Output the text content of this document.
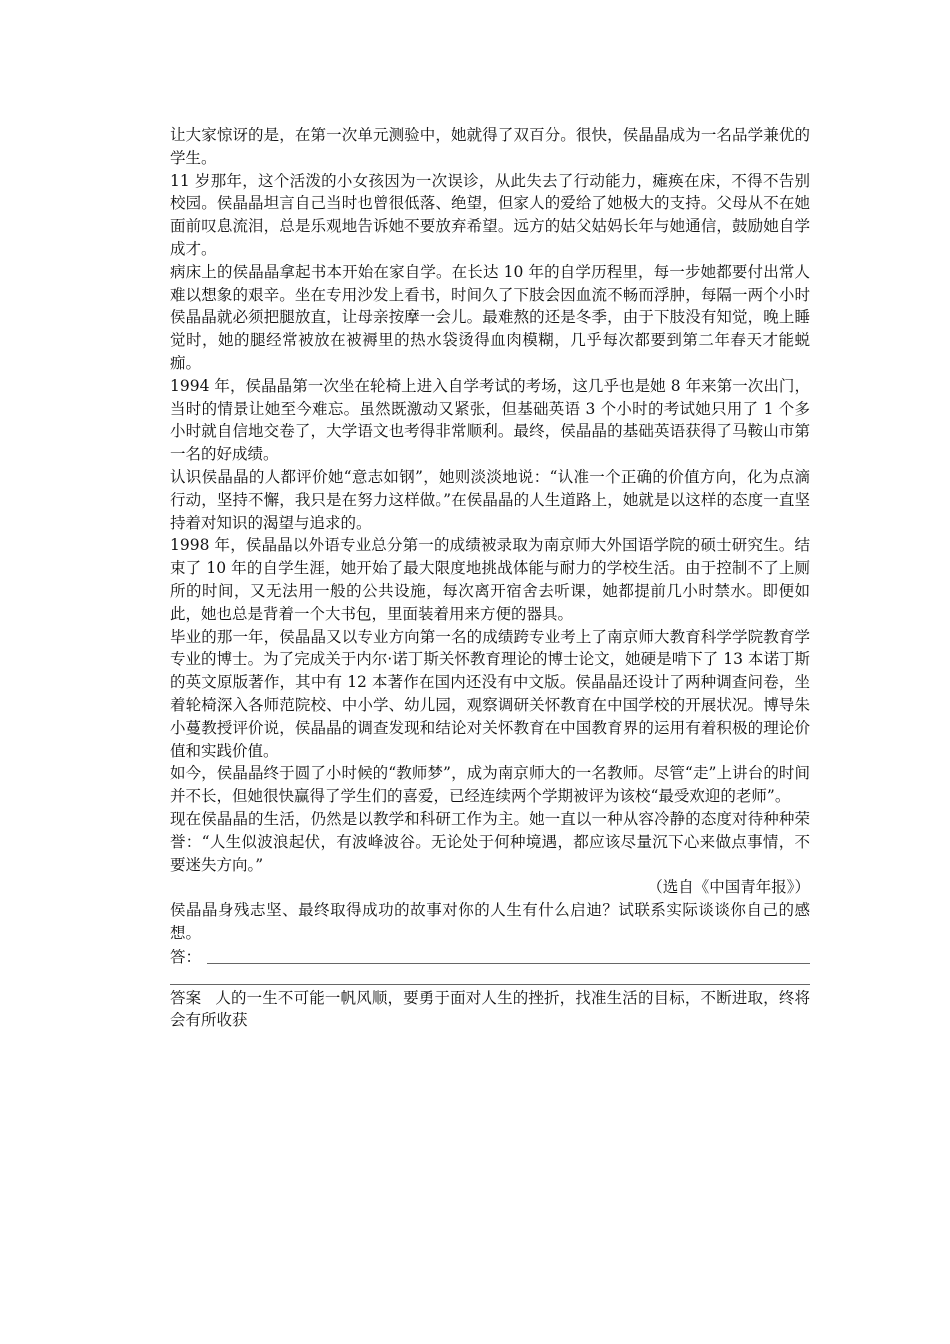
让大家惊讶的是，在第一次单元测验中，她就得了双百分。很快，侯晶晶成为一名品学兼优的学生。

11 岁那年，这个活泼的小女孩因为一次误诊，从此失去了行动能力，瘫痪在床，不得不告别校园。侯晶晶坦言自己当时也曾很低落、绝望，但家人的爱给了她极大的支持。父母从不在她面前叹息流泪，总是乐观地告诉她不要放弃希望。远方的姑父姑妈长年与她通信，鼓励她自学成才。

病床上的侯晶晶拿起书本开始在家自学。在长达 10 年的自学历程里，每一步她都要付出常人难以想象的艰辛。坐在专用沙发上看书，时间久了下肢会因血流不畅而浮肿，每隔一两个小时侯晶晶就必须把腿放直，让母亲按摩一会儿。最难熬的还是冬季，由于下肢没有知觉，晚上睡觉时，她的腿经常被放在被褥里的热水袋烫得血肉模糊，几乎每次都要到第二年春天才能蜕痂。

1994 年，侯晶晶第一次坐在轮椅上进入自学考试的考场，这几乎也是她 8 年来第一次出门，当时的情景让她至今难忘。虽然既激动又紧张，但基础英语 3 个小时的考试她只用了 1 个多小时就自信地交卷了，大学语文也考得非常顺利。最终，侯晶晶的基础英语获得了马鞍山市第一名的好成绩。

认识侯晶晶的人都评价她“意志如钢”，她则淡淡地说：“认准一个正确的价值方向，化为点滴行动，坚持不懈，我只是在努力这样做。”在侯晶晶的人生道路上，她就是以这样的态度一直坚持着对知识的渴望与追求的。

1998 年，侯晶晶以外语专业总分第一的成绩被录取为南京师大外国语学院的硕士研究生。结束了 10 年的自学生涯，她开始了最大限度地挑战体能与耐力的学校生活。由于控制不了上厕所的时间，又无法用一般的公共设施，每次离开宿舍去听课，她都提前几小时禁水。即便如此，她也总是背着一个大书包，里面装着用来方便的器具。

毕业的那一年，侯晶晶又以专业方向第一名的成绩跨专业考上了南京师大教育科学学院教育学专业的博士。为了完成关于内尔·诺丁斯关怀教育理论的博士论文，她硬是啃下了 13 本诺丁斯的英文原版著作，其中有 12 本著作在国内还没有中文版。侯晶晶还设计了两种调查问卷，坐着轮椅深入各师范院校、中小学、幼儿园，观察调研关怀教育在中国学校的开展状况。博导朱小蔓教授评价说，侯晶晶的调查发现和结论对关怀教育在中国教育界的运用有着积极的理论价值和实践价值。

如今，侯晶晶终于圆了小时候的“教师梦”，成为南京师大的一名教师。尽管“走”上讲台的时间并不长，但她很快赢得了学生们的喜爱，已经连续两个学期被评为该校“最受欢迎的老师”。

现在侯晶晶的生活，仍然是以教学和科研工作为主。她一直以一种从容冷静的态度对待种种荣誉：“人生似波浪起伏，有波峰波谷。无论处于何种境遇，都应该尽量沉下心来做点事情，不要迷失方向。”

（选自《中国青年报》）

侯晶晶身残志坚、最终取得成功的故事对你的人生有什么启迪？试联系实际谈谈你自己的感想。

答：

答案 人的一生不可能一帆风顺，要勇于面对人生的挫折，找准生活的目标，不断进取，终将会有所收获
